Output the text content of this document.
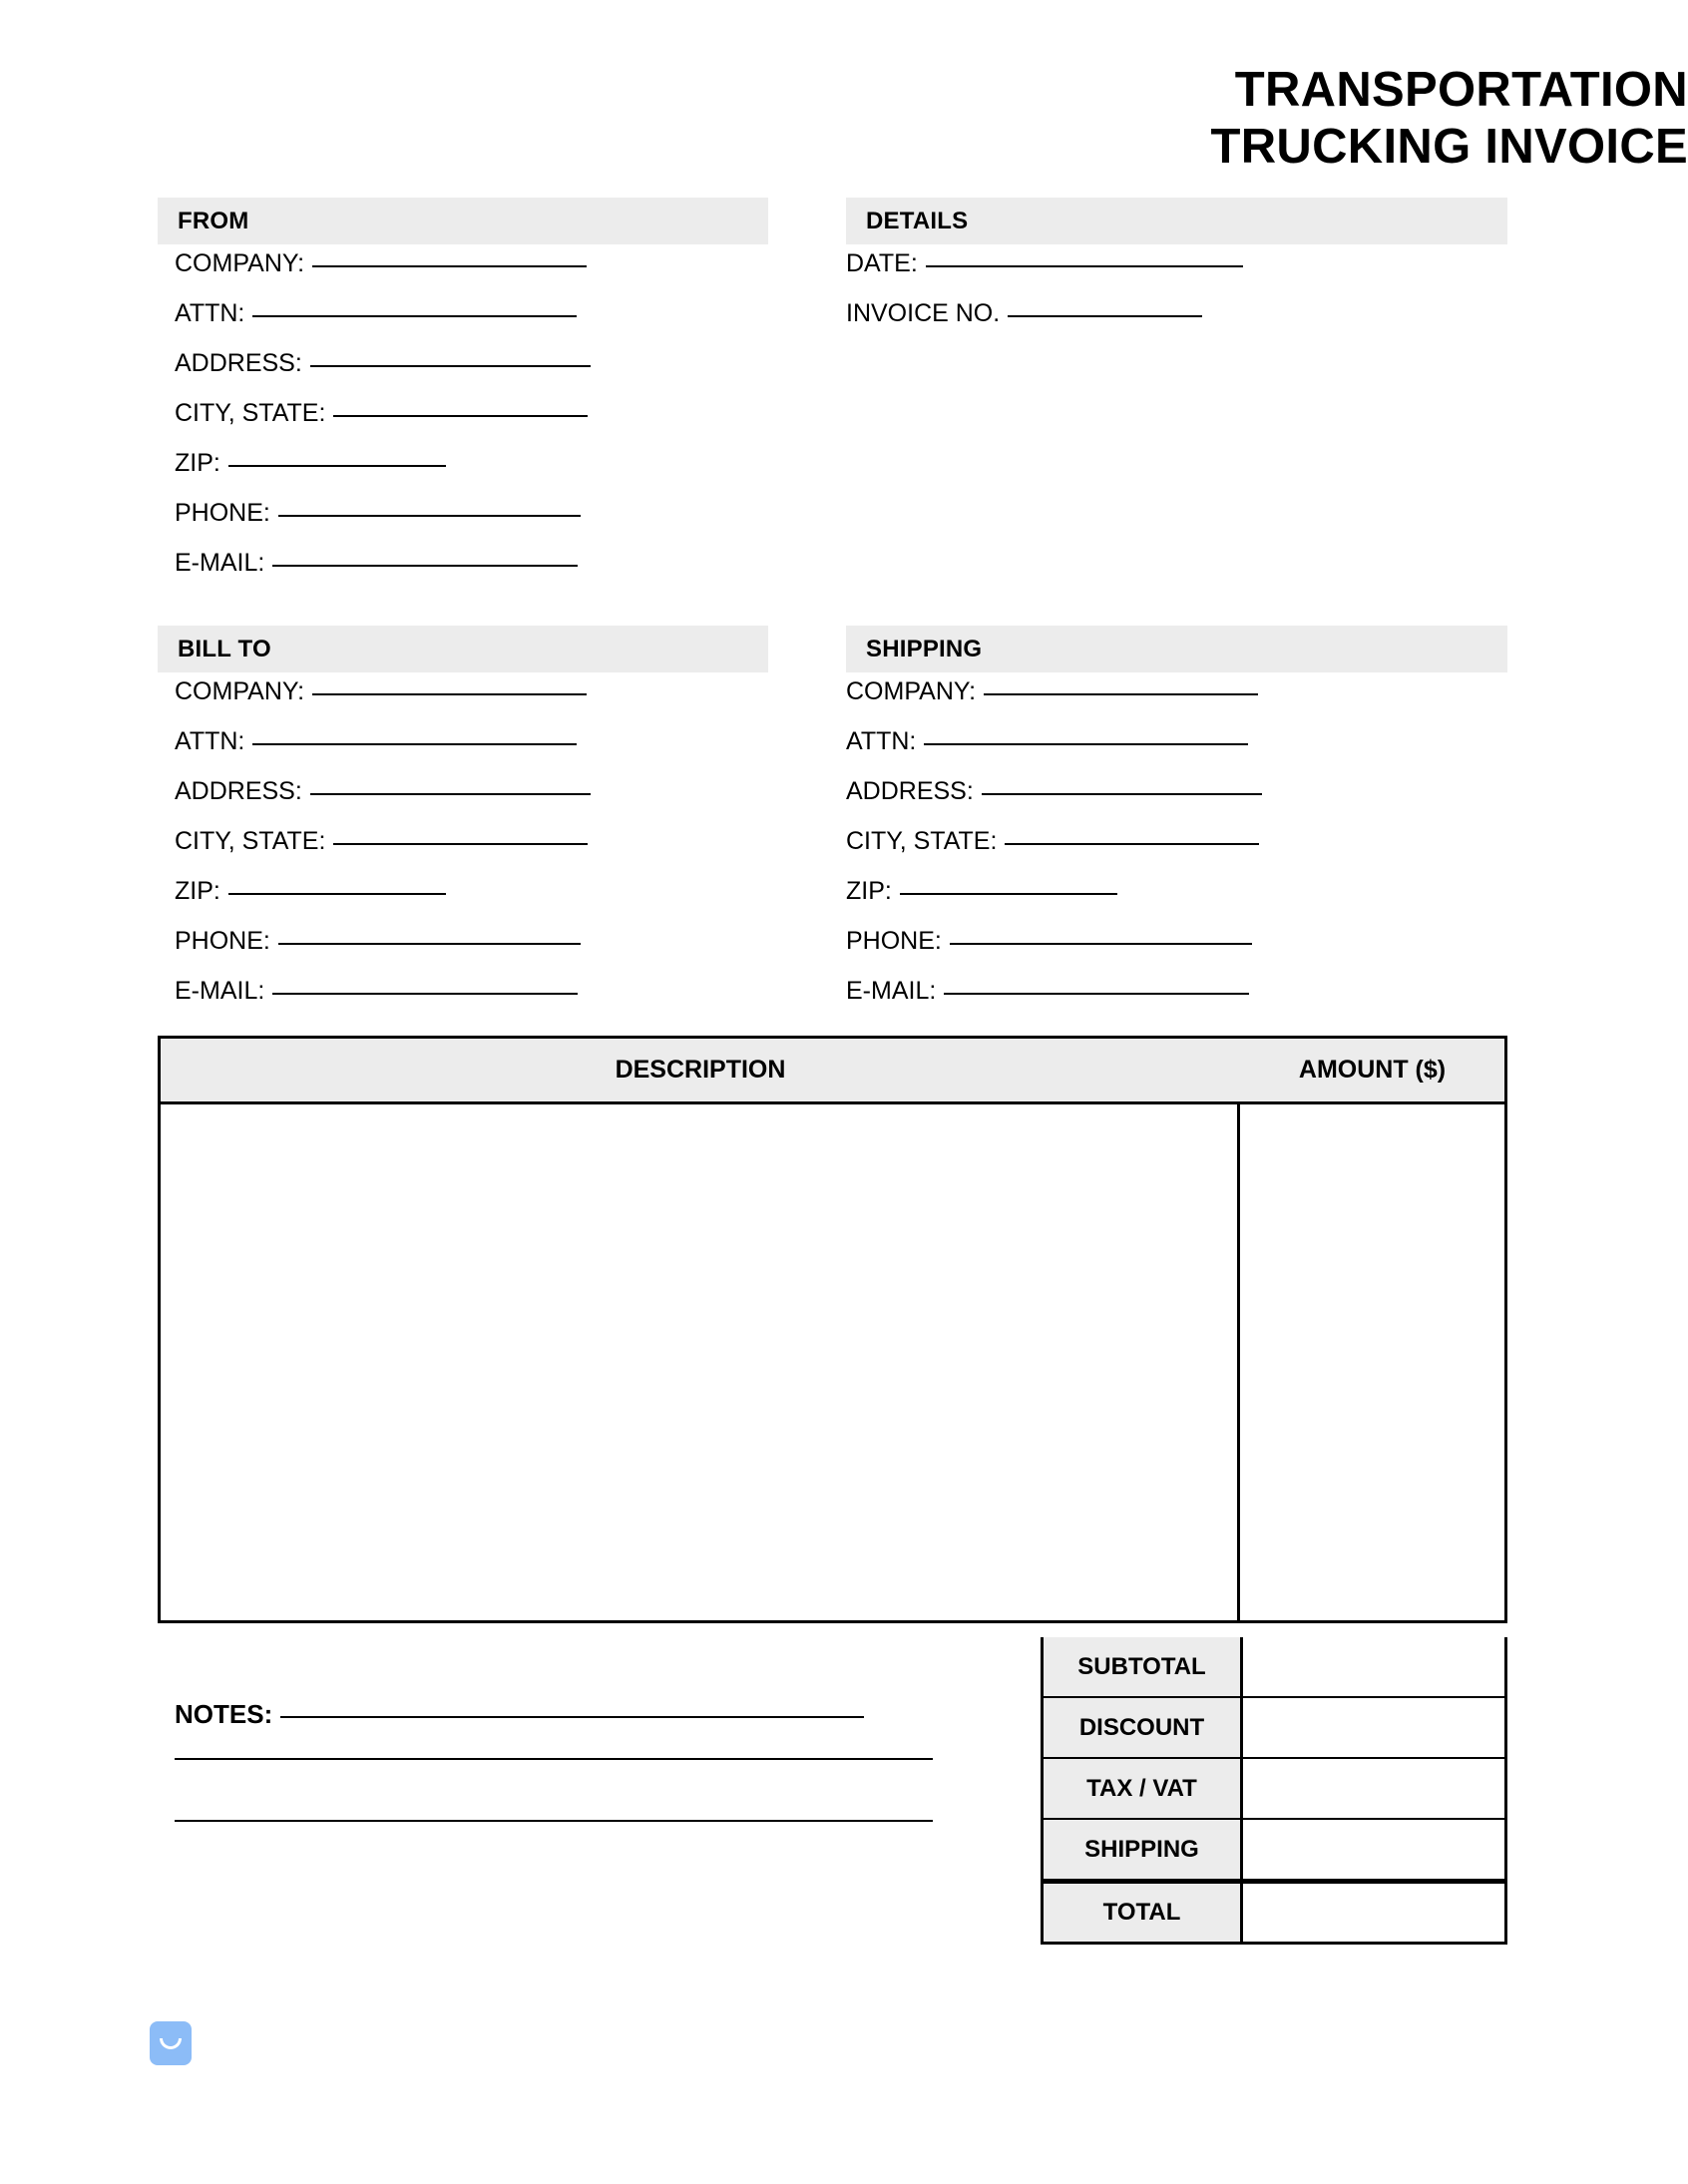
TRANSPORTATION
TRUCKING INVOICE
FROM	DETAILS
BILL TO	SHIPPING
COMPANY:
ATTN:
ADDRESS:
CITY, STATE:
ZIP:
PHONE:
E-MAIL:
DATE:
INVOICE NO.
COMPANY:
ATTN:
ADDRESS:
CITY, STATE:
ZIP:
PHONE:
E-MAIL:
COMPANY:
ATTN:
ADDRESS:
CITY, STATE:
ZIP:
PHONE:
E-MAIL:
DESCRIPTION	AMOUNT ($)
SUBTOTAL
DISCOUNT
TAX / VAT
SHIPPING
TOTAL
NOTES:
